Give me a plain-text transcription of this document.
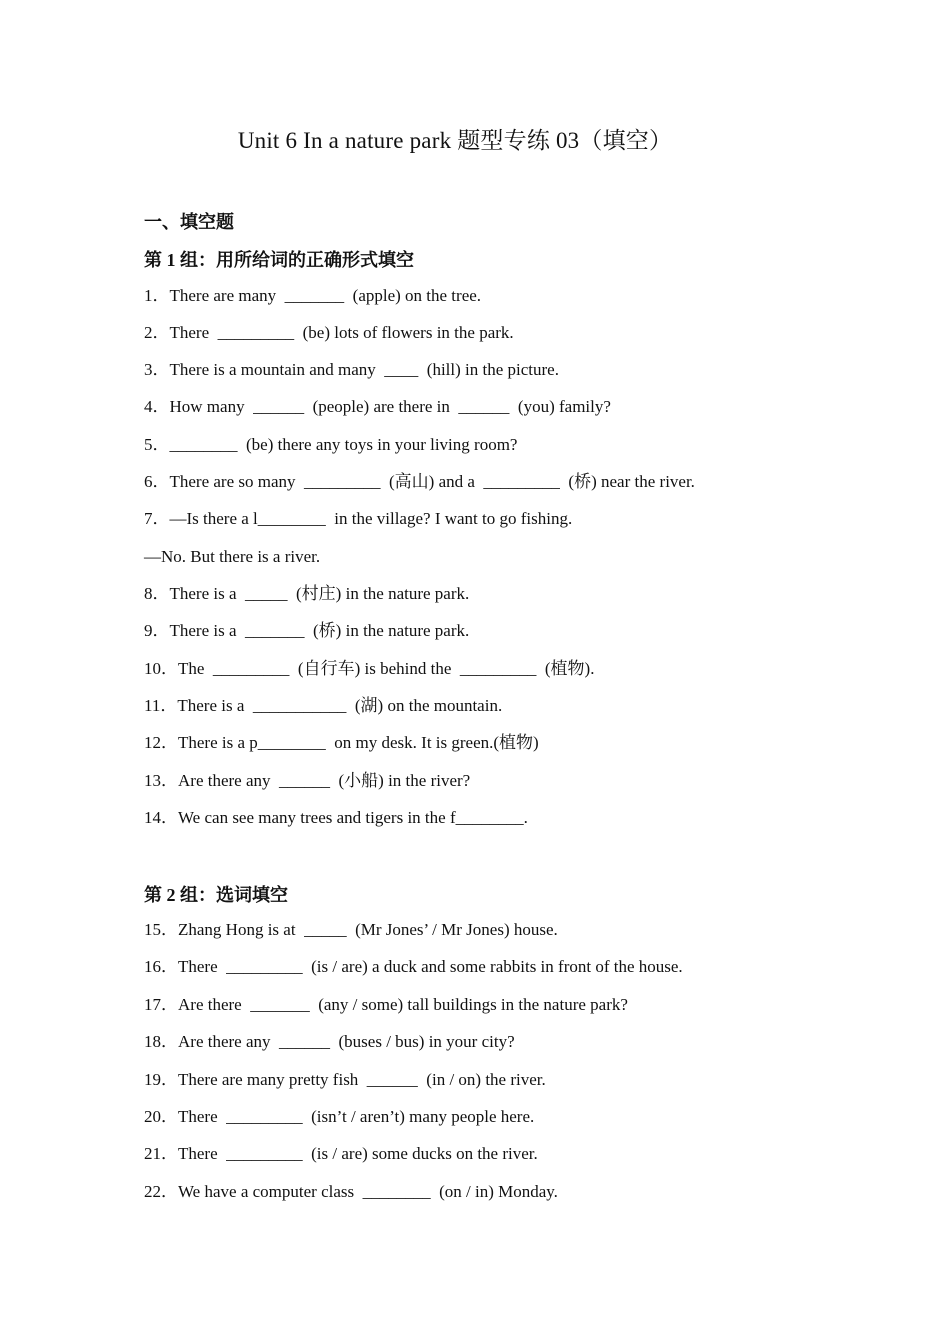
Unit 6 In a nature park 题型专练 03（填空）
一、填空题
第 1 组：用所给词的正确形式填空
1．There are many  _______  (apple) on the tree.
2．There  _________  (be) lots of flowers in the park.
3．There is a mountain and many  ____  (hill) in the picture.
4．How many  ______  (people) are there in  ______  (you) family?
5．________  (be) there any toys in your living room?
6．There are so many  _________  (高山) and a  _________  (桥) near the river.
7．—Is there a l________  in the village? I want to go fishing.
—No. But there is a river.
8．There is a  _____  (村庄) in the nature park.
9．There is a  _______  (桥) in the nature park.
10．The  _________  (自行车) is behind the  _________  (植物).
11．There is a  ___________  (湖) on the mountain.
12．There is a p________  on my desk. It is green.(植物)
13．Are there any  ______  (小船) in the river?
14．We can see many trees and tigers in the f________.
第 2 组：选词填空
15．Zhang Hong is at  _____  (Mr Jones’ / Mr Jones) house.
16．There  _________  (is / are) a duck and some rabbits in front of the house.
17．Are there  _______  (any / some) tall buildings in the nature park?
18．Are there any  ______  (buses / bus) in your city?
19．There are many pretty fish  ______  (in / on) the river.
20．There  _________  (isn’t / aren’t) many people here.
21．There  _________  (is / are) some ducks on the river.
22．We have a computer class  ________  (on / in) Monday.
